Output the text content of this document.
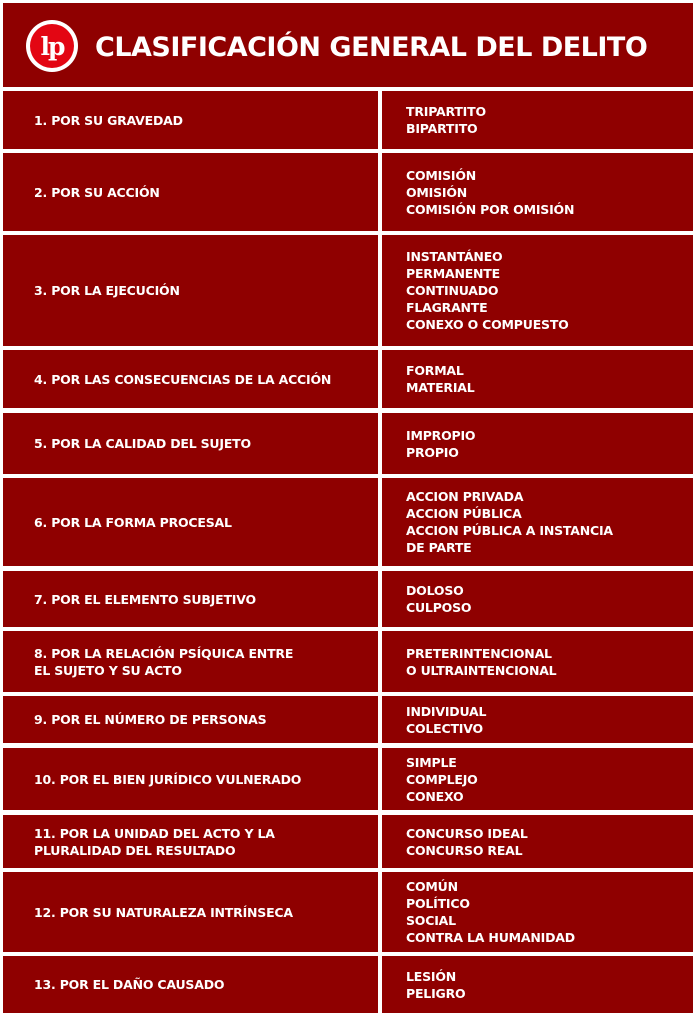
lp	CLASIFICACIÓN GENERAL DEL DELITO
1. POR SU GRAVEDAD
TRIPARTITO
BIPARTITO
2. POR SU ACCIÓN
COMISIÓN
OMISIÓN
COMISIÓN POR OMISIÓN
3. POR LA EJECUCIÓN
INSTANTÁNEO
PERMANENTE
CONTINUADO
FLAGRANTE
CONEXO O COMPUESTO
4. POR LAS CONSECUENCIAS DE LA ACCIÓN
FORMAL
MATERIAL
5. POR LA CALIDAD DEL SUJETO
IMPROPIO
PROPIO
6. POR LA FORMA PROCESAL
ACCION PRIVADA
ACCION PÚBLICA
ACCION PÚBLICA A INSTANCIA
DE PARTE
7. POR EL ELEMENTO SUBJETIVO
DOLOSO
CULPOSO
8. POR LA RELACIÓN PSÍQUICA ENTRE
EL SUJETO Y SU ACTO
PRETERINTENCIONAL
O ULTRAINTENCIONAL
9. POR EL NÚMERO DE PERSONAS
INDIVIDUAL
COLECTIVO
10. POR EL BIEN JURÍDICO VULNERADO
SIMPLE
COMPLEJO
CONEXO
11. POR LA UNIDAD DEL ACTO Y LA
PLURALIDAD DEL RESULTADO
CONCURSO IDEAL
CONCURSO REAL
12. POR SU NATURALEZA INTRÍNSECA
COMÚN
POLÍTICO
SOCIAL
CONTRA LA HUMANIDAD
13. POR EL DAÑO CAUSADO
LESIÓN
PELIGRO
